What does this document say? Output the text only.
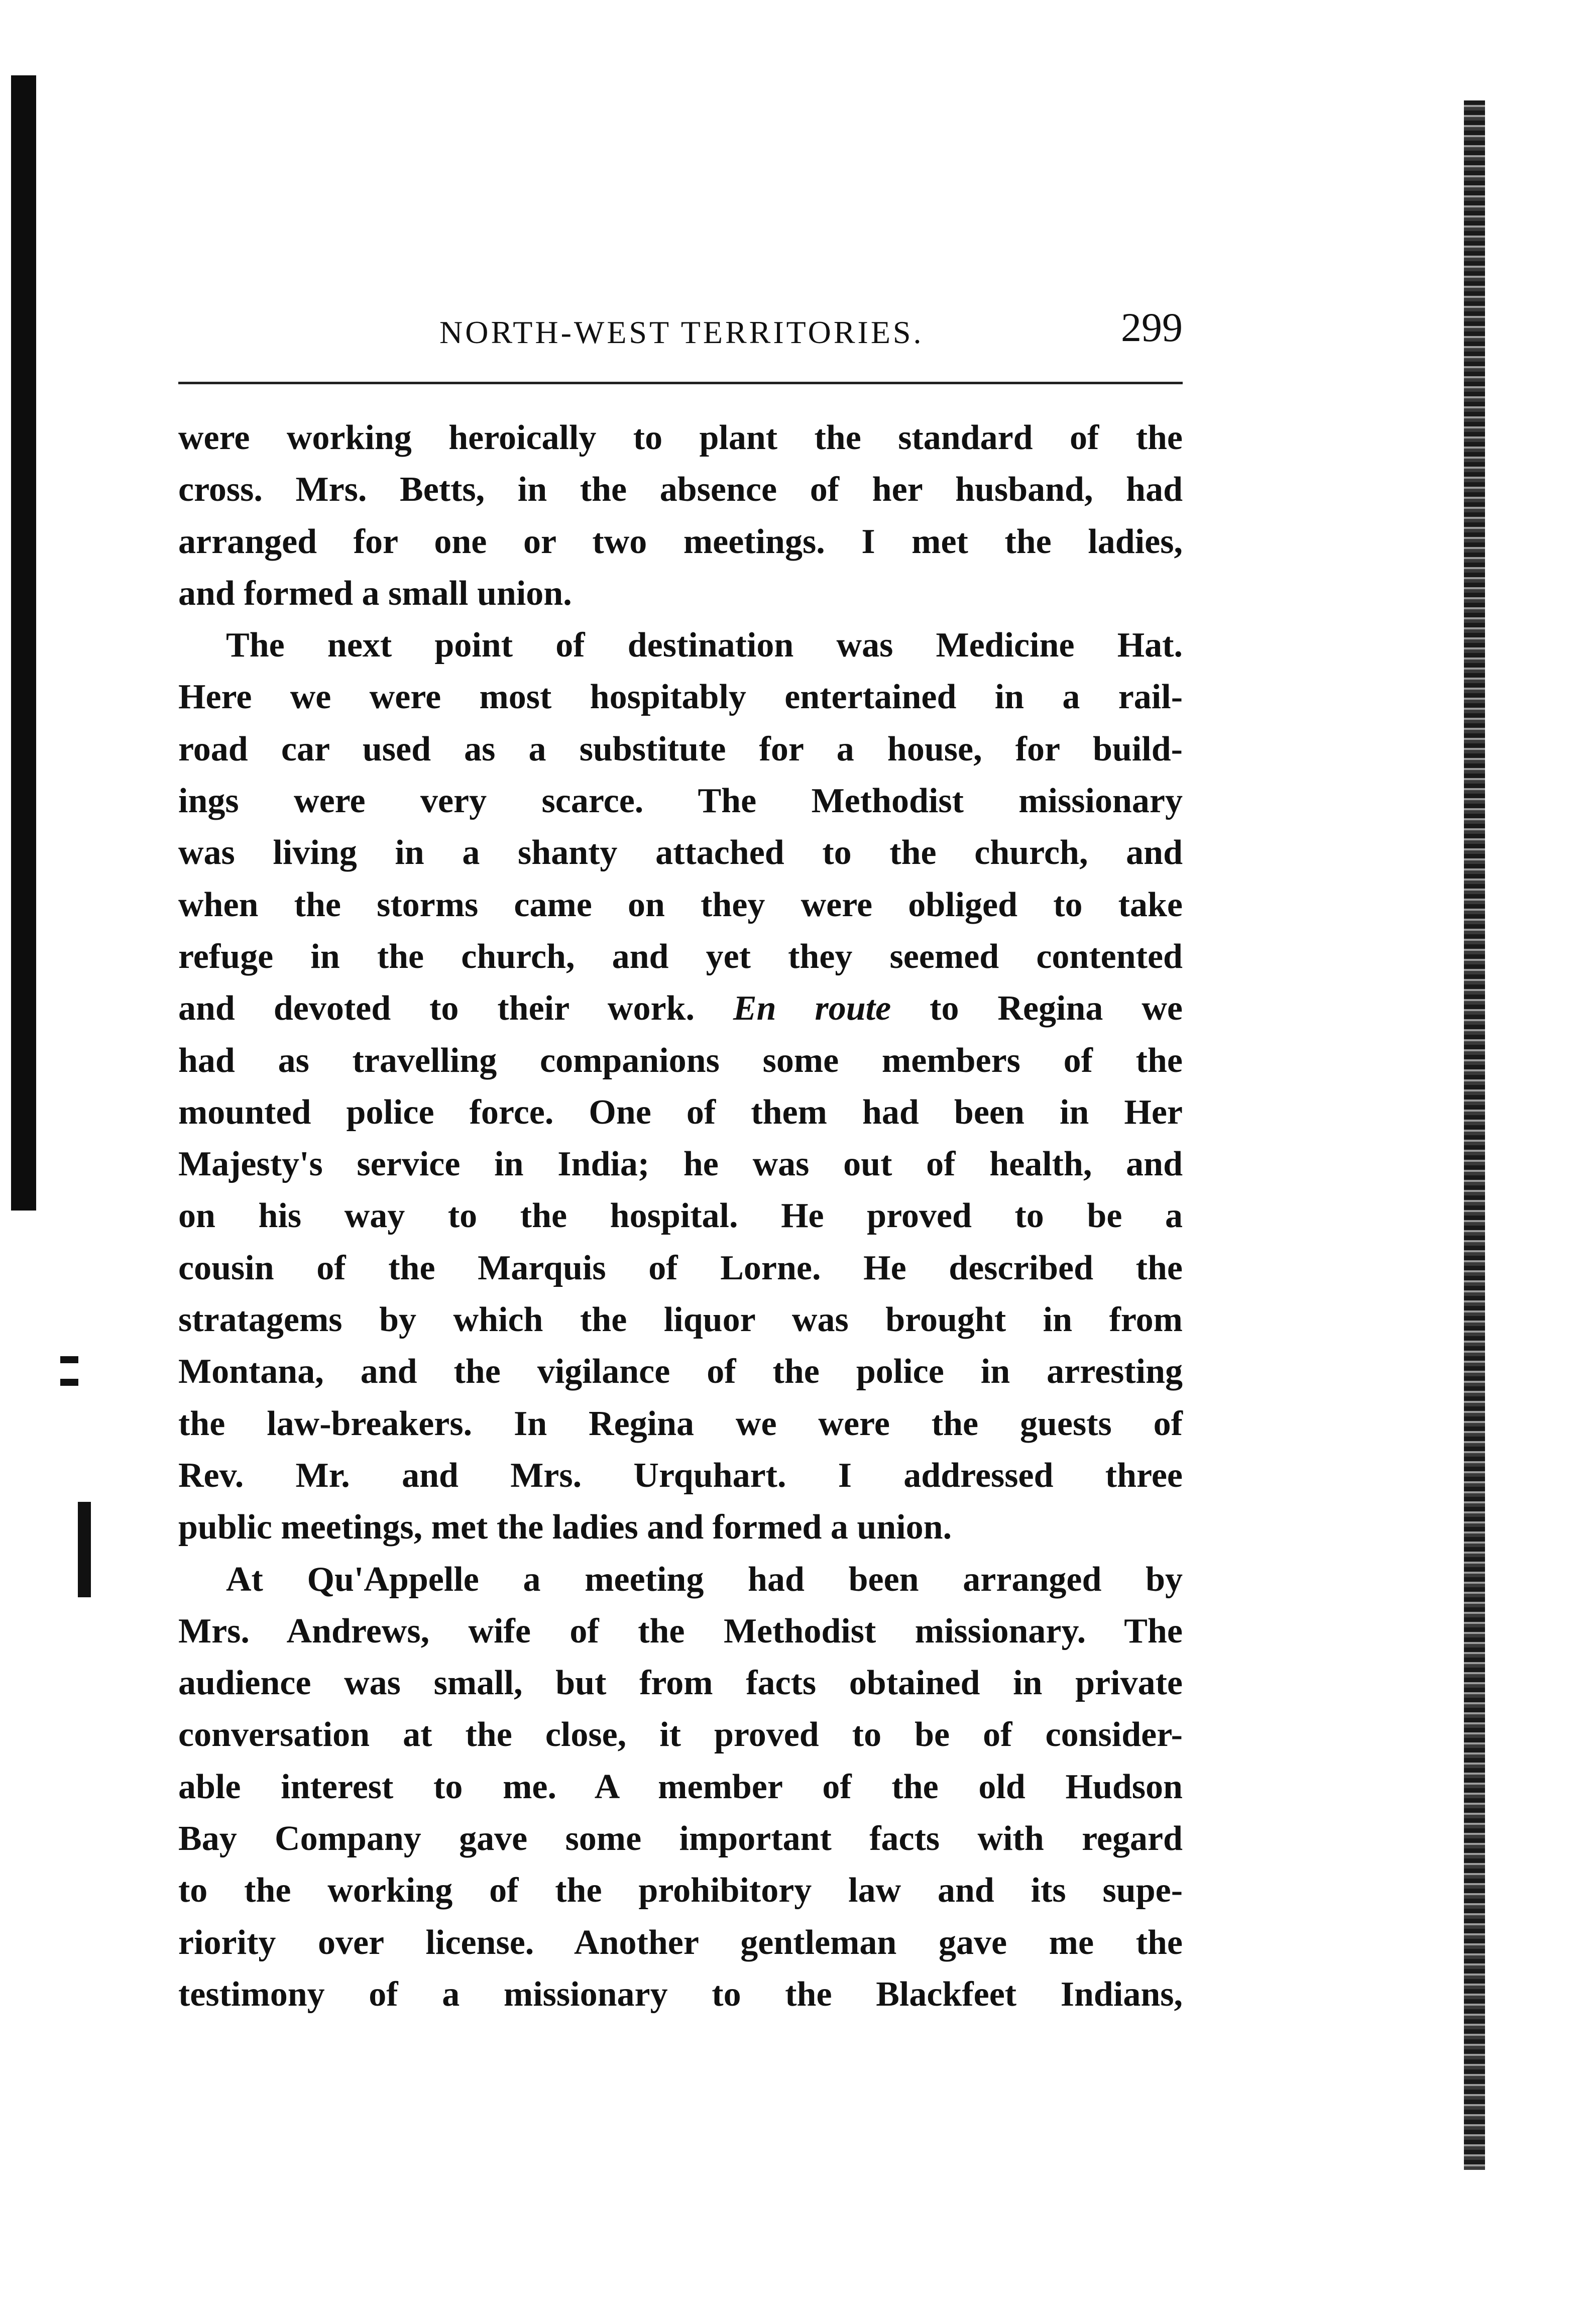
NORTH-WEST TERRITORIES.	299
were working heroically to plant the standard of the
cross. Mrs. Betts, in the absence of her husband, had
arranged for one or two meetings. I met the ladies,
and formed a small union.
The next point of destination was Medicine Hat.
Here we were most hospitably entertained in a rail-
road car used as a substitute for a house, for build-
ings were very scarce. The Methodist missionary
was living in a shanty attached to the church, and
when the storms came on they were obliged to take
refuge in the church, and yet they seemed contented
and devoted to their work. En route to Regina we
had as travelling companions some members of the
mounted police force. One of them had been in Her
Majesty's service in India; he was out of health, and
on his way to the hospital. He proved to be a
cousin of the Marquis of Lorne. He described the
stratagems by which the liquor was brought in from
Montana, and the vigilance of the police in arresting
the law-breakers. In Regina we were the guests of
Rev. Mr. and Mrs. Urquhart. I addressed three
public meetings, met the ladies and formed a union.
At Qu'Appelle a meeting had been arranged by
Mrs. Andrews, wife of the Methodist missionary. The
audience was small, but from facts obtained in private
conversation at the close, it proved to be of consider-
able interest to me. A member of the old Hudson
Bay Company gave some important facts with regard
to the working of the prohibitory law and its supe-
riority over license. Another gentleman gave me the
testimony of a missionary to the Blackfeet Indians,
